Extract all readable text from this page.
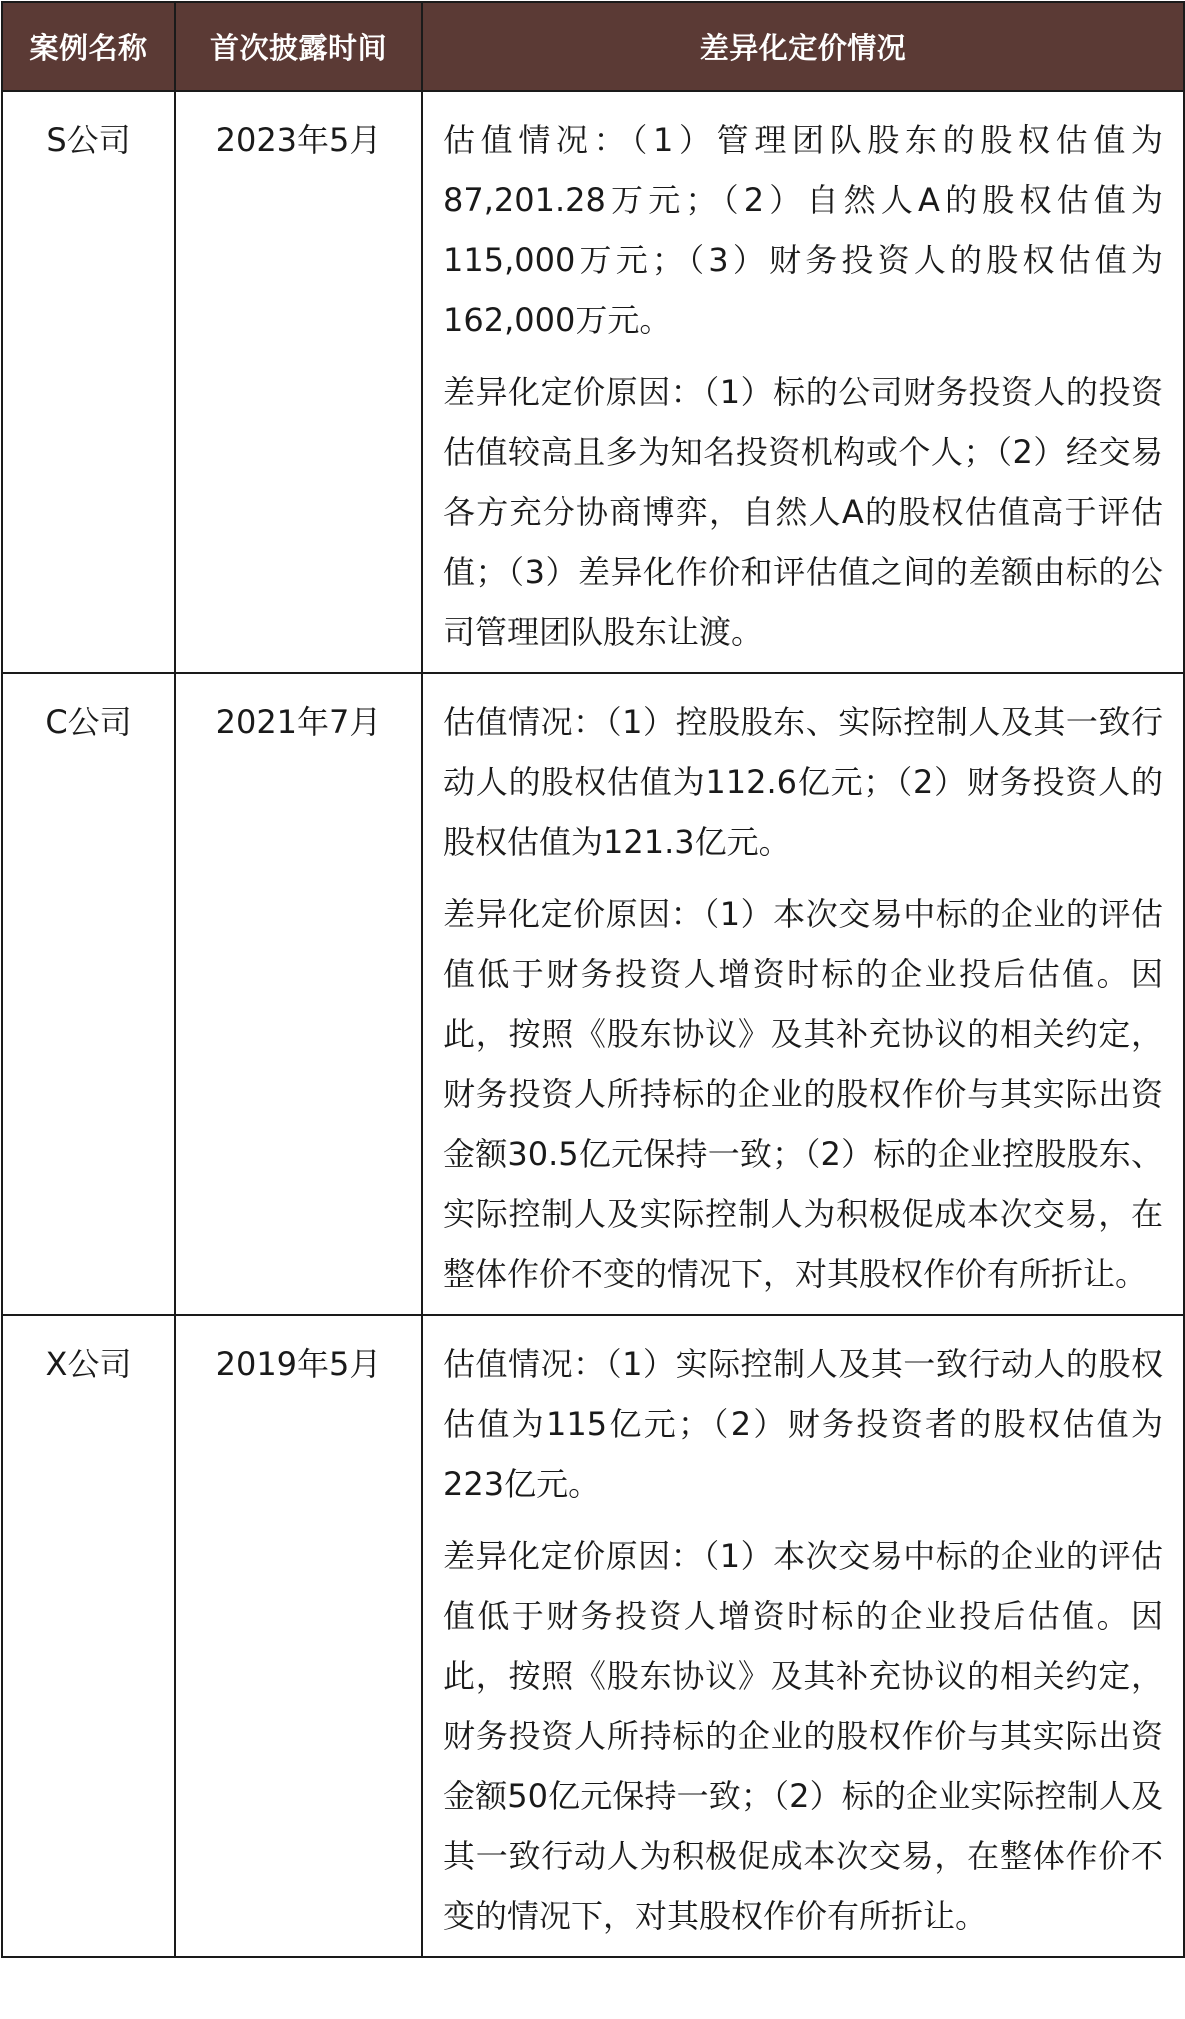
案例名称	首次披露时间	差异化定价情况
S公司	2023年5月	估值情况：（1）管理团队股东的股权估值为87,201.28万元；（2）自然人A的股权估值为115,000万元；（3）财务投资人的股权估值为162,000万元。

差异化定价原因：（1）标的公司财务投资人的投资估值较高且多为知名投资机构或个人；（2）经交易各方充分协商博弈，自然人A的股权估值高于评估值；（3）差异化作价和评估值之间的差额由标的公司管理团队股东让渡。

C公司	2021年7月	估值情况：（1）控股股东、实际控制人及其一致行动人的股权估值为112.6亿元；（2）财务投资人的股权估值为121.3亿元。

差异化定价原因：（1）本次交易中标的企业的评估值低于财务投资人增资时标的企业投后估值。因此，按照《股东协议》及其补充协议的相关约定，财务投资人所持标的企业的股权作价与其实际出资金额30.5亿元保持一致；（2）标的企业控股股东、实际控制人及实际控制人为积极促成本次交易，在整体作价不变的情况下，对其股权作价有所折让。

X公司	2019年5月	估值情况：（1）实际控制人及其一致行动人的股权估值为115亿元；（2）财务投资者的股权估值为223亿元。

差异化定价原因：（1）本次交易中标的企业的评估值低于财务投资人增资时标的企业投后估值。因此，按照《股东协议》及其补充协议的相关约定，财务投资人所持标的企业的股权作价与其实际出资金额50亿元保持一致；（2）标的企业实际控制人及其一致行动人为积极促成本次交易，在整体作价不变的情况下，对其股权作价有所折让。
